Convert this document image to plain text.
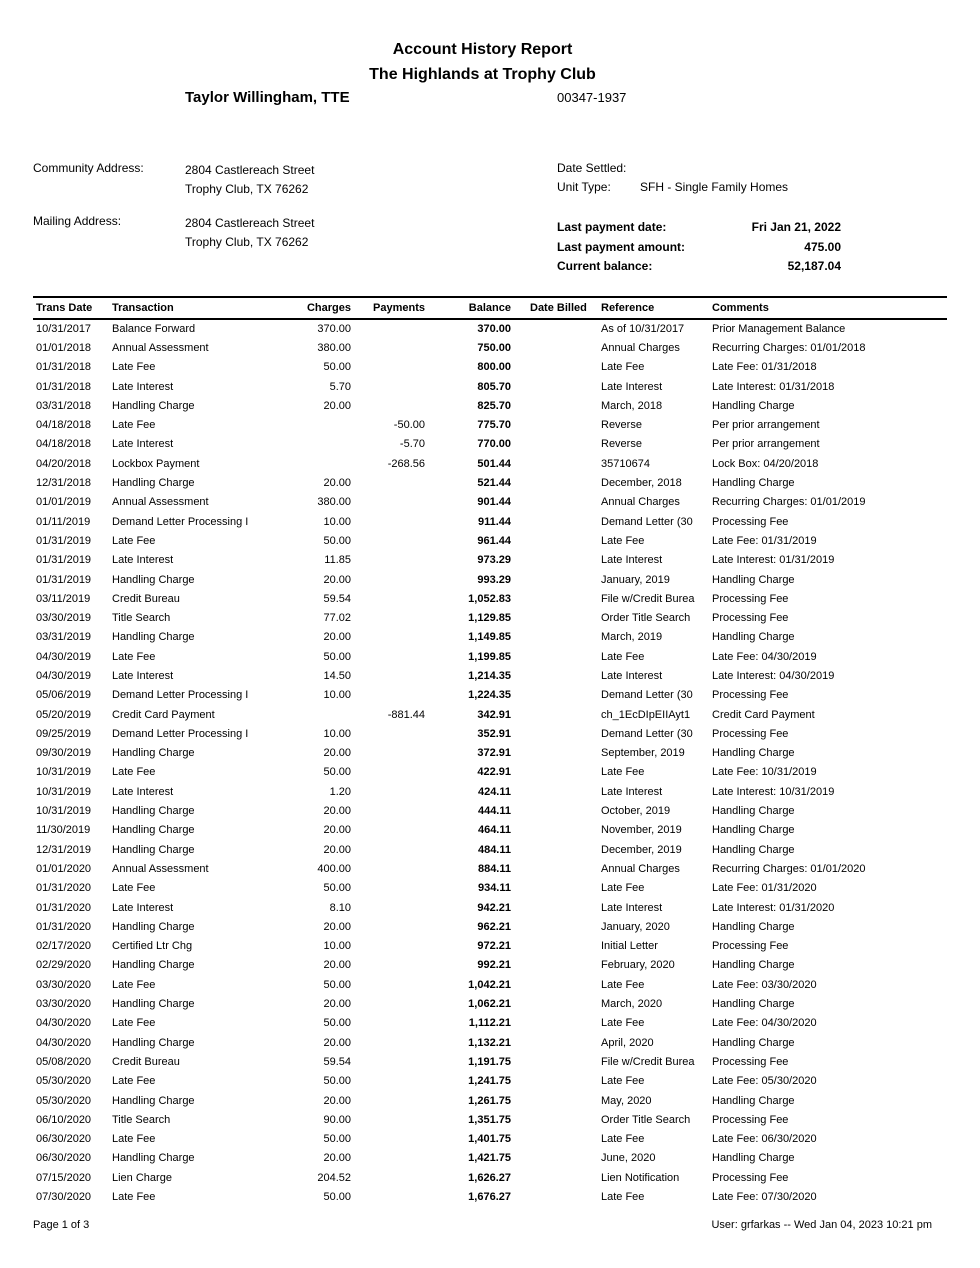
Account History Report
The Highlands at Trophy Club
Taylor Willingham, TTE	00347-1937
Community Address:	2804 Castlereach Street
Trophy Club, TX 76262
Mailing Address:	2804 Castlereach Street
Trophy Club, TX 76262
Date Settled:
Unit Type:	SFH - Single Family Homes
Last payment date:	Fri Jan 21, 2022
Last payment amount:	475.00
Current balance:	52,187.04
Trans Date	Transaction	Charges	Payments	Balance	Date Billed	Reference	Comments
10/31/2017	Balance Forward	370.00		370.00		As of 10/31/2017	Prior Management Balance
01/01/2018	Annual Assessment	380.00		750.00		Annual Charges	Recurring Charges: 01/01/2018
01/31/2018	Late Fee	50.00		800.00		Late Fee	Late Fee: 01/31/2018
01/31/2018	Late Interest	5.70		805.70		Late Interest	Late Interest: 01/31/2018
03/31/2018	Handling Charge	20.00		825.70		March, 2018	Handling Charge
04/18/2018	Late Fee		-50.00	775.70		Reverse	Per prior arrangement
04/18/2018	Late Interest		-5.70	770.00		Reverse	Per prior arrangement
04/20/2018	Lockbox Payment		-268.56	501.44		35710674	Lock Box: 04/20/2018
12/31/2018	Handling Charge	20.00		521.44		December, 2018	Handling Charge
01/01/2019	Annual Assessment	380.00		901.44		Annual Charges	Recurring Charges: 01/01/2019
01/11/2019	Demand Letter Processing I	10.00		911.44		Demand Letter (30	Processing Fee
01/31/2019	Late Fee	50.00		961.44		Late Fee	Late Fee: 01/31/2019
01/31/2019	Late Interest	11.85		973.29		Late Interest	Late Interest: 01/31/2019
01/31/2019	Handling Charge	20.00		993.29		January, 2019	Handling Charge
03/11/2019	Credit Bureau	59.54		1,052.83		File w/Credit Burea	Processing Fee
03/30/2019	Title Search	77.02		1,129.85		Order Title Search	Processing Fee
03/31/2019	Handling Charge	20.00		1,149.85		March, 2019	Handling Charge
04/30/2019	Late Fee	50.00		1,199.85		Late Fee	Late Fee: 04/30/2019
04/30/2019	Late Interest	14.50		1,214.35		Late Interest	Late Interest: 04/30/2019
05/06/2019	Demand Letter Processing I	10.00		1,224.35		Demand Letter (30	Processing Fee
05/20/2019	Credit Card Payment		-881.44	342.91		ch_1EcDIpEIIAyt1	Credit Card Payment
09/25/2019	Demand Letter Processing I	10.00		352.91		Demand Letter (30	Processing Fee
09/30/2019	Handling Charge	20.00		372.91		September, 2019	Handling Charge
10/31/2019	Late Fee	50.00		422.91		Late Fee	Late Fee: 10/31/2019
10/31/2019	Late Interest	1.20		424.11		Late Interest	Late Interest: 10/31/2019
10/31/2019	Handling Charge	20.00		444.11		October, 2019	Handling Charge
11/30/2019	Handling Charge	20.00		464.11		November, 2019	Handling Charge
12/31/2019	Handling Charge	20.00		484.11		December, 2019	Handling Charge
01/01/2020	Annual Assessment	400.00		884.11		Annual Charges	Recurring Charges: 01/01/2020
01/31/2020	Late Fee	50.00		934.11		Late Fee	Late Fee: 01/31/2020
01/31/2020	Late Interest	8.10		942.21		Late Interest	Late Interest: 01/31/2020
01/31/2020	Handling Charge	20.00		962.21		January, 2020	Handling Charge
02/17/2020	Certified Ltr Chg	10.00		972.21		Initial Letter	Processing Fee
02/29/2020	Handling Charge	20.00		992.21		February, 2020	Handling Charge
03/30/2020	Late Fee	50.00		1,042.21		Late Fee	Late Fee: 03/30/2020
03/30/2020	Handling Charge	20.00		1,062.21		March, 2020	Handling Charge
04/30/2020	Late Fee	50.00		1,112.21		Late Fee	Late Fee: 04/30/2020
04/30/2020	Handling Charge	20.00		1,132.21		April, 2020	Handling Charge
05/08/2020	Credit Bureau	59.54		1,191.75		File w/Credit Burea	Processing Fee
05/30/2020	Late Fee	50.00		1,241.75		Late Fee	Late Fee: 05/30/2020
05/30/2020	Handling Charge	20.00		1,261.75		May, 2020	Handling Charge
06/10/2020	Title Search	90.00		1,351.75		Order Title Search	Processing Fee
06/30/2020	Late Fee	50.00		1,401.75		Late Fee	Late Fee: 06/30/2020
06/30/2020	Handling Charge	20.00		1,421.75		June, 2020	Handling Charge
07/15/2020	Lien Charge	204.52		1,626.27		Lien Notification	Processing Fee
07/30/2020	Late Fee	50.00		1,676.27		Late Fee	Late Fee: 07/30/2020
Page 1 of 3	User: grfarkas -- Wed Jan 04, 2023 10:21 pm
